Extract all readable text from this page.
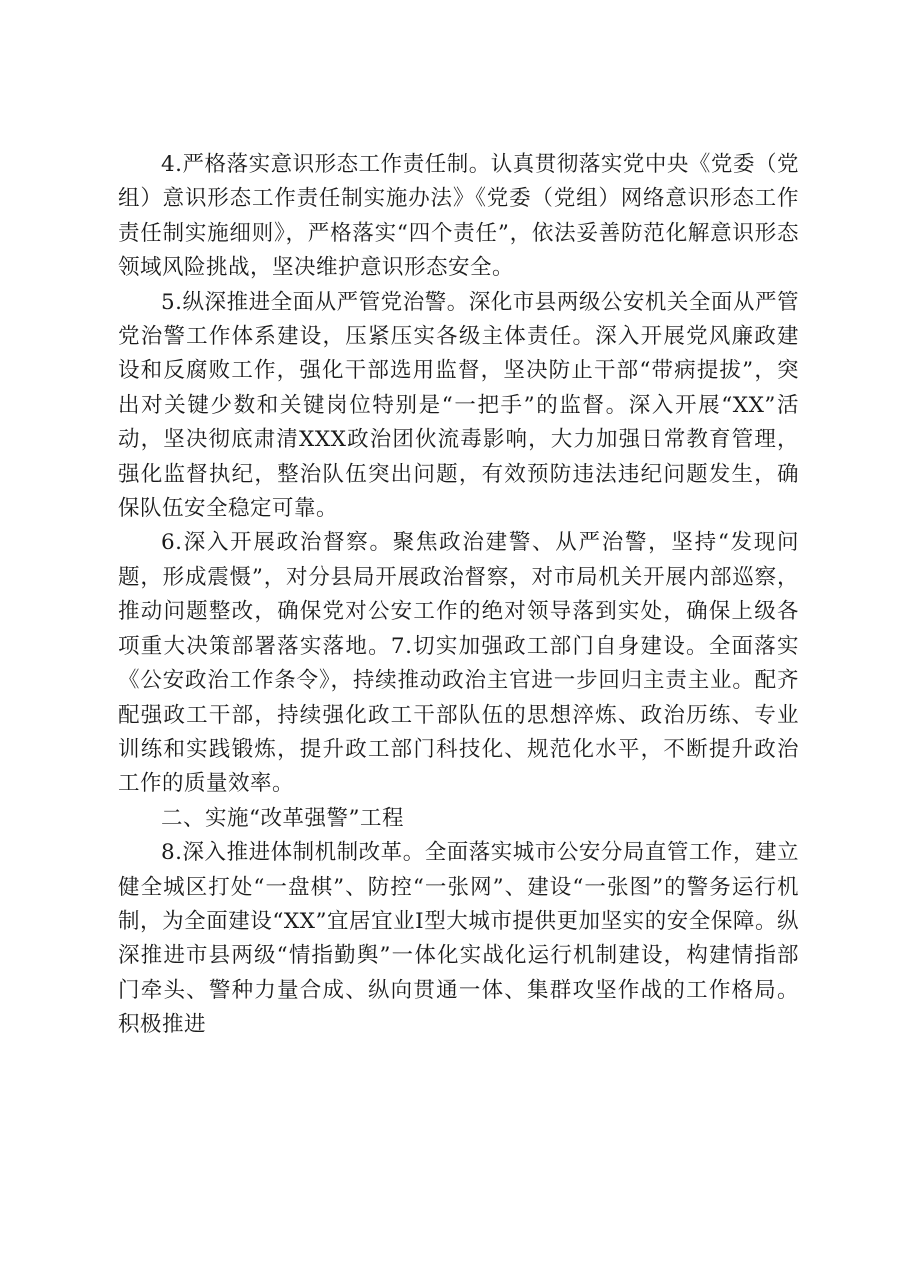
4.严格落实意识形态工作责任制。认真贯彻落实党中央《党委（党组）意识形态工作责任制实施办法》《党委（党组）网络意识形态工作责任制实施细则》，严格落实“四个责任”，依法妥善防范化解意识形态领域风险挑战，坚决维护意识形态安全。

5.纵深推进全面从严管党治警。深化市县两级公安机关全面从严管党治警工作体系建设，压紧压实各级主体责任。深入开展党风廉政建设和反腐败工作，强化干部选用监督，坚决防止干部“带病提拔”，突出对关键少数和关键岗位特别是“一把手”的监督。深入开展“XX”活动，坚决彻底肃清XXX政治团伙流毒影响，大力加强日常教育管理，强化监督执纪，整治队伍突出问题，有效预防违法违纪问题发生，确保队伍安全稳定可靠。

6.深入开展政治督察。聚焦政治建警、从严治警，坚持“发现问题，形成震慑”，对分县局开展政治督察，对市局机关开展内部巡察，推动问题整改，确保党对公安工作的绝对领导落到实处，确保上级各项重大决策部署落实落地。7.切实加强政工部门自身建设。全面落实《公安政治工作条令》，持续推动政治主官进一步回归主责主业。配齐配强政工干部，持续强化政工干部队伍的思想淬炼、政治历练、专业训练和实践锻炼，提升政工部门科技化、规范化水平，不断提升政治工作的质量效率。

二、实施“改革强警”工程

8.深入推进体制机制改革。全面落实城市公安分局直管工作，建立健全城区打处“一盘棋”、防控“一张网”、建设“一张图”的警务运行机制，为全面建设“XX”宜居宜业Ⅰ型大城市提供更加坚实的安全保障。纵深推进市县两级“情指勤舆”一体化实战化运行机制建设，构建情指部门牵头、警种力量合成、纵向贯通一体、集群攻坚作战的工作格局。积极推进
